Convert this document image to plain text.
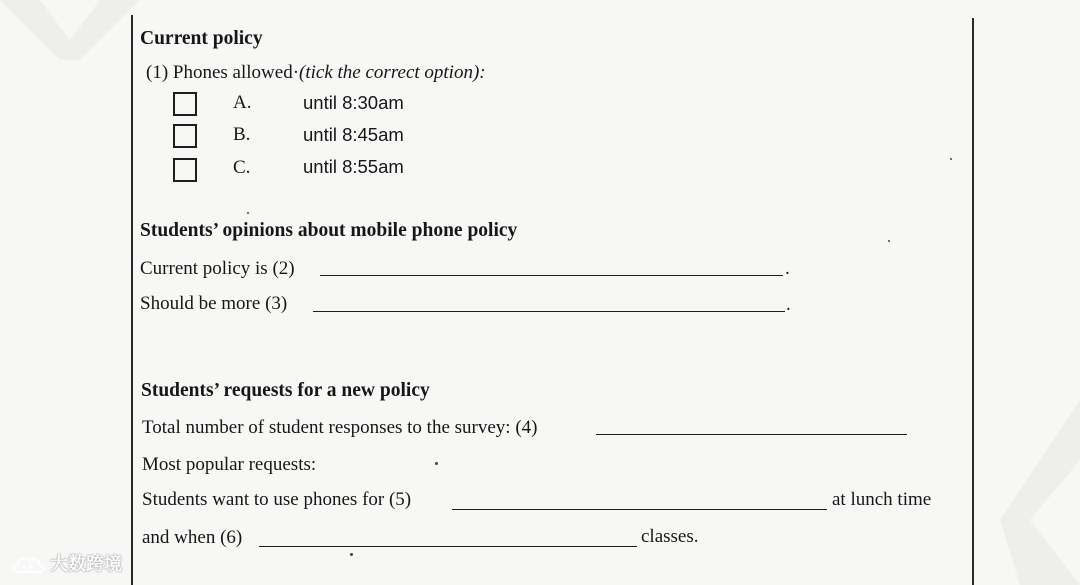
Current policy
(1) Phones allowed·(tick the correct option):
A.	until 8:30am
B.	until 8:45am
C.	until 8:55am
Students’ opinions about mobile phone policy
Current policy is (2)	.
Should be more (3)	.
Students’ requests for a new policy
Total number of student responses to the survey: (4)
Most popular requests:
Students want to use phones for (5)	at lunch time
and when (6)	classes.
大数跨境
